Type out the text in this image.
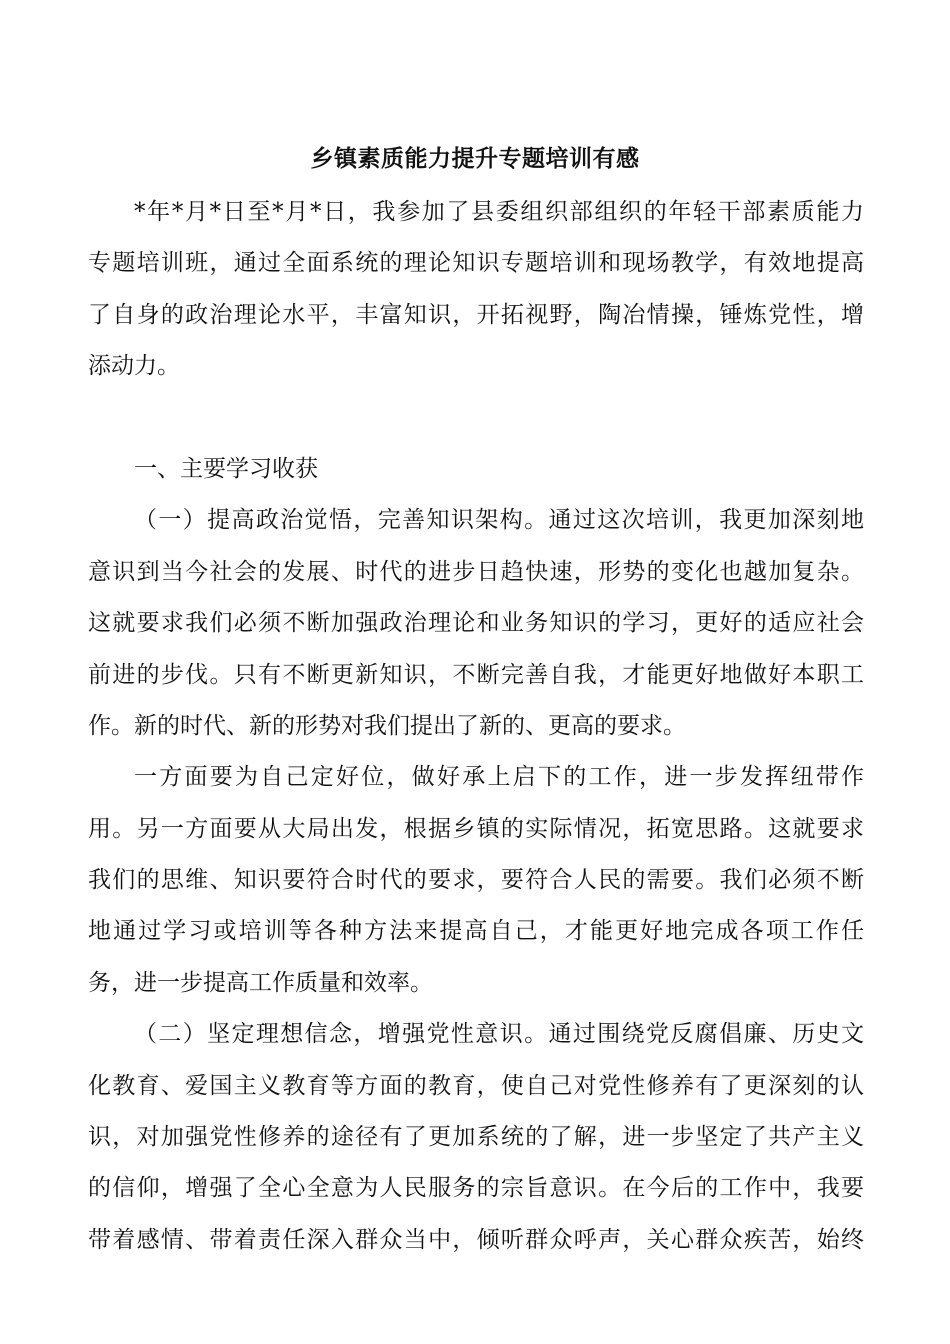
乡镇素质能力提升专题培训有感
*年*月*日至*月*日，我参加了县委组织部组织的年轻干部素质能力
专题培训班，通过全面系统的理论知识专题培训和现场教学，有效地提高
了自身的政治理论水平，丰富知识，开拓视野，陶冶情操，锤炼党性，增
添动力。
一、主要学习收获
（一）提高政治觉悟，完善知识架构。通过这次培训，我更加深刻地
意识到当今社会的发展、时代的进步日趋快速，形势的变化也越加复杂。
这就要求我们必须不断加强政治理论和业务知识的学习，更好的适应社会
前进的步伐。只有不断更新知识，不断完善自我，才能更好地做好本职工
作。新的时代、新的形势对我们提出了新的、更高的要求。
一方面要为自己定好位，做好承上启下的工作，进一步发挥纽带作
用。另一方面要从大局出发，根据乡镇的实际情况，拓宽思路。这就要求
我们的思维、知识要符合时代的要求，要符合人民的需要。我们必须不断
地通过学习或培训等各种方法来提高自己，才能更好地完成各项工作任
务，进一步提高工作质量和效率。
（二）坚定理想信念，增强党性意识。通过围绕党反腐倡廉、历史文
化教育、爱国主义教育等方面的教育，使自己对党性修养有了更深刻的认
识，对加强党性修养的途径有了更加系统的了解，进一步坚定了共产主义
的信仰，增强了全心全意为人民服务的宗旨意识。在今后的工作中，我要
带着感情、带着责任深入群众当中，倾听群众呼声，关心群众疾苦，始终
